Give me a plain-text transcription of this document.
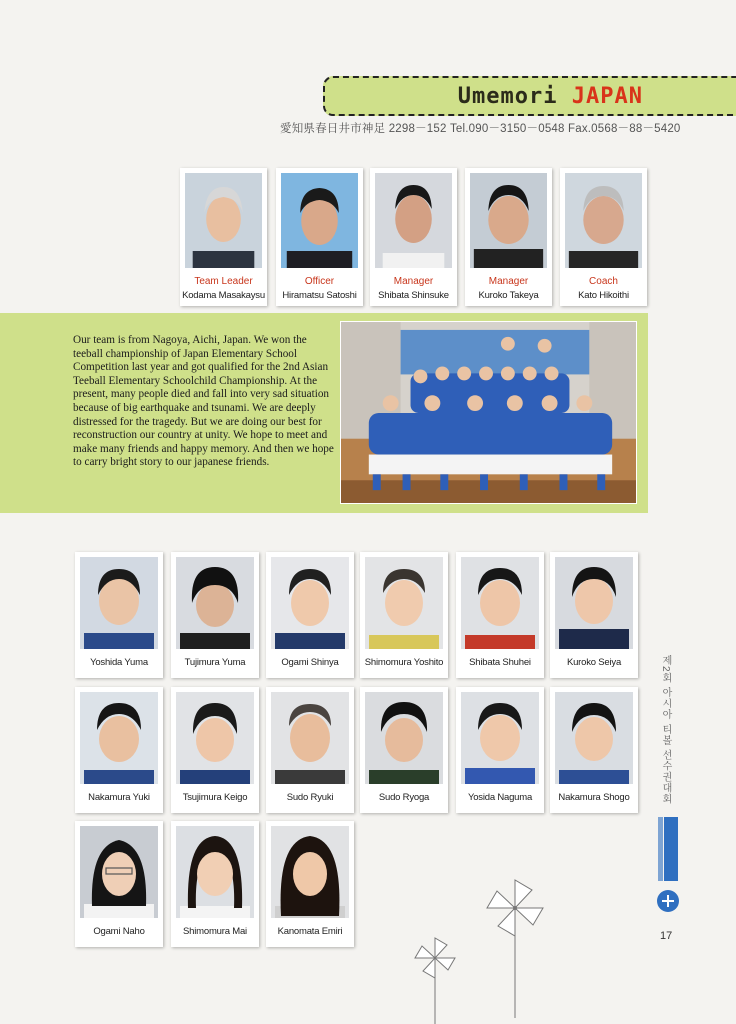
Umemori JAPAN
愛知県春日井市神足 2298－152 Tel.090－3150－0548 Fax.0568－88－5420
Team Leader
Kodama Masakaysu
Officer
Hiramatsu Satoshi
Manager
Shibata Shinsuke
Manager
Kuroko Takeya
Coach
Kato Hikoithi
Our team is from Nagoya, Aichi, Japan. We won the teeball championship of Japan Elementary School Competition last year and got qualified for the 2nd Asian Teeball Elementary Schoolchild Championship. At the present, many people died and fall into very sad situation because of big earthquake and tsunami. We are deeply distressed for the tragedy. But we are doing our best for reconstruction our country at unity. We hope to meet and make many friends and happy memory. And then we hope to carry bright story to our japanese friends.
Yoshida Yuma	Tujimura Yuma	Ogami Shinya	Shimomura Yoshito	Shibata Shuhei	Kuroko Seiya
Nakamura Yuki	Tsujimura Keigo	Sudo Ryuki	Sudo Ryoga	Yosida Naguma	Nakamura Shogo
Ogami Naho	Shimomura Mai	Kanomata Emiri
제2회 아시아 티볼 선수권대회
17
